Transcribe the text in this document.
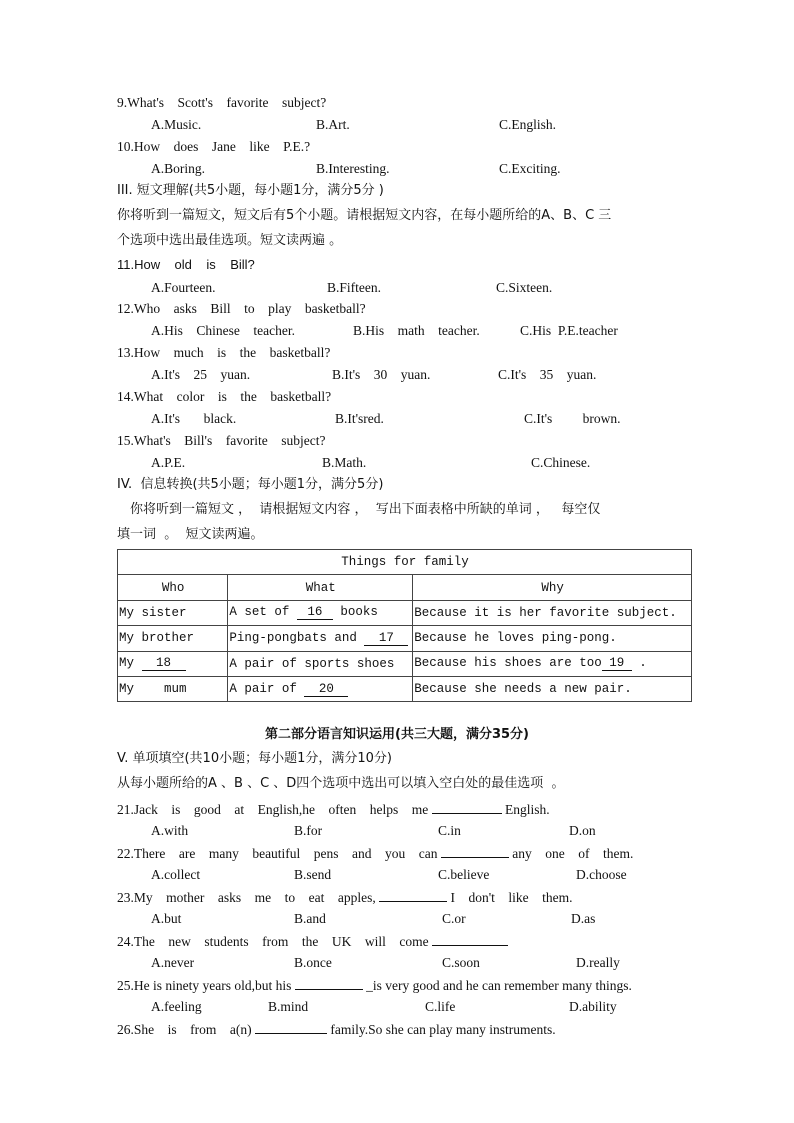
9.What's    Scott's    favorite    subject?
A.Music.	B.Art.	C.English.
10.How    does    Jane    like    P.E.?
A.Boring.	B.Interesting.	C.Exciting.
III. 短文理解(共5小题，每小题1分，满分5分 )
你将听到一篇短文，短文后有5个小题。请根据短文内容，在每小题所给的A、B、C 三
个选项中选出最佳选项。短文读两遍 。
11.How    old    is    Bill?
A.Fourteen.	B.Fifteen.	C.Sixteen.
12.Who    asks    Bill    to    play    basketball?
A.His    Chinese    teacher.	B.His    math    teacher.	C.His  P.E.teacher
13.How    much    is    the    basketball?
A.It's    25    yuan.	B.It's    30    yuan.	C.It's    35    yuan.
14.What    color    is    the    basketball?
A.It's       black.	B.It'sred.	C.It's         brown.
15.What's    Bill's    favorite    subject?
A.P.E.	B.Math.	C.Chinese.
IV.  信息转换(共5小题；每小题1分，满分5分)
你将听到一篇短文 ，  请根据短文内容 ，  写出下面表格中所缺的单词 ，   每空仅
填一词  。  短文读两遍。
Things for family		
Who	What	Why
My sister	A set of 16 books	Because it is her favorite subject.
My brother	Ping-pongbats and 17	Because he loves ping-pong.
My 18	A pair of sports shoes	Because his shoes are too 19 .
My    mum	A pair of 20	Because she needs a new pair.
第二部分语言知识运用(共三大题，满分35分)
V. 单项填空(共10小题；每小题1分，满分10分)
从每小题所给的A 、B 、C 、D四个选项中选出可以填入空白处的最佳选项  。
21.Jack    is    good    at    English,he    often    helps    me	English.
A.with	B.for	C.in	D.on
22.There    are    many    beautiful    pens    and    you    can	any    one    of    them.
A.collect	B.send	C.believe	D.choose
23.My    mother    asks    me    to    eat    apples,	I    don't    like    them.
A.but	B.and	C.or	D.as
24.The    new    students    from    the    UK    will    come
A.never	B.once	C.soon	D.really
25.He is ninety years old,but his	_is very good and he can remember many things.
A.feeling	B.mind	C.life	D.ability
26.She    is    from    a(n)	family.So she can play many instruments.
